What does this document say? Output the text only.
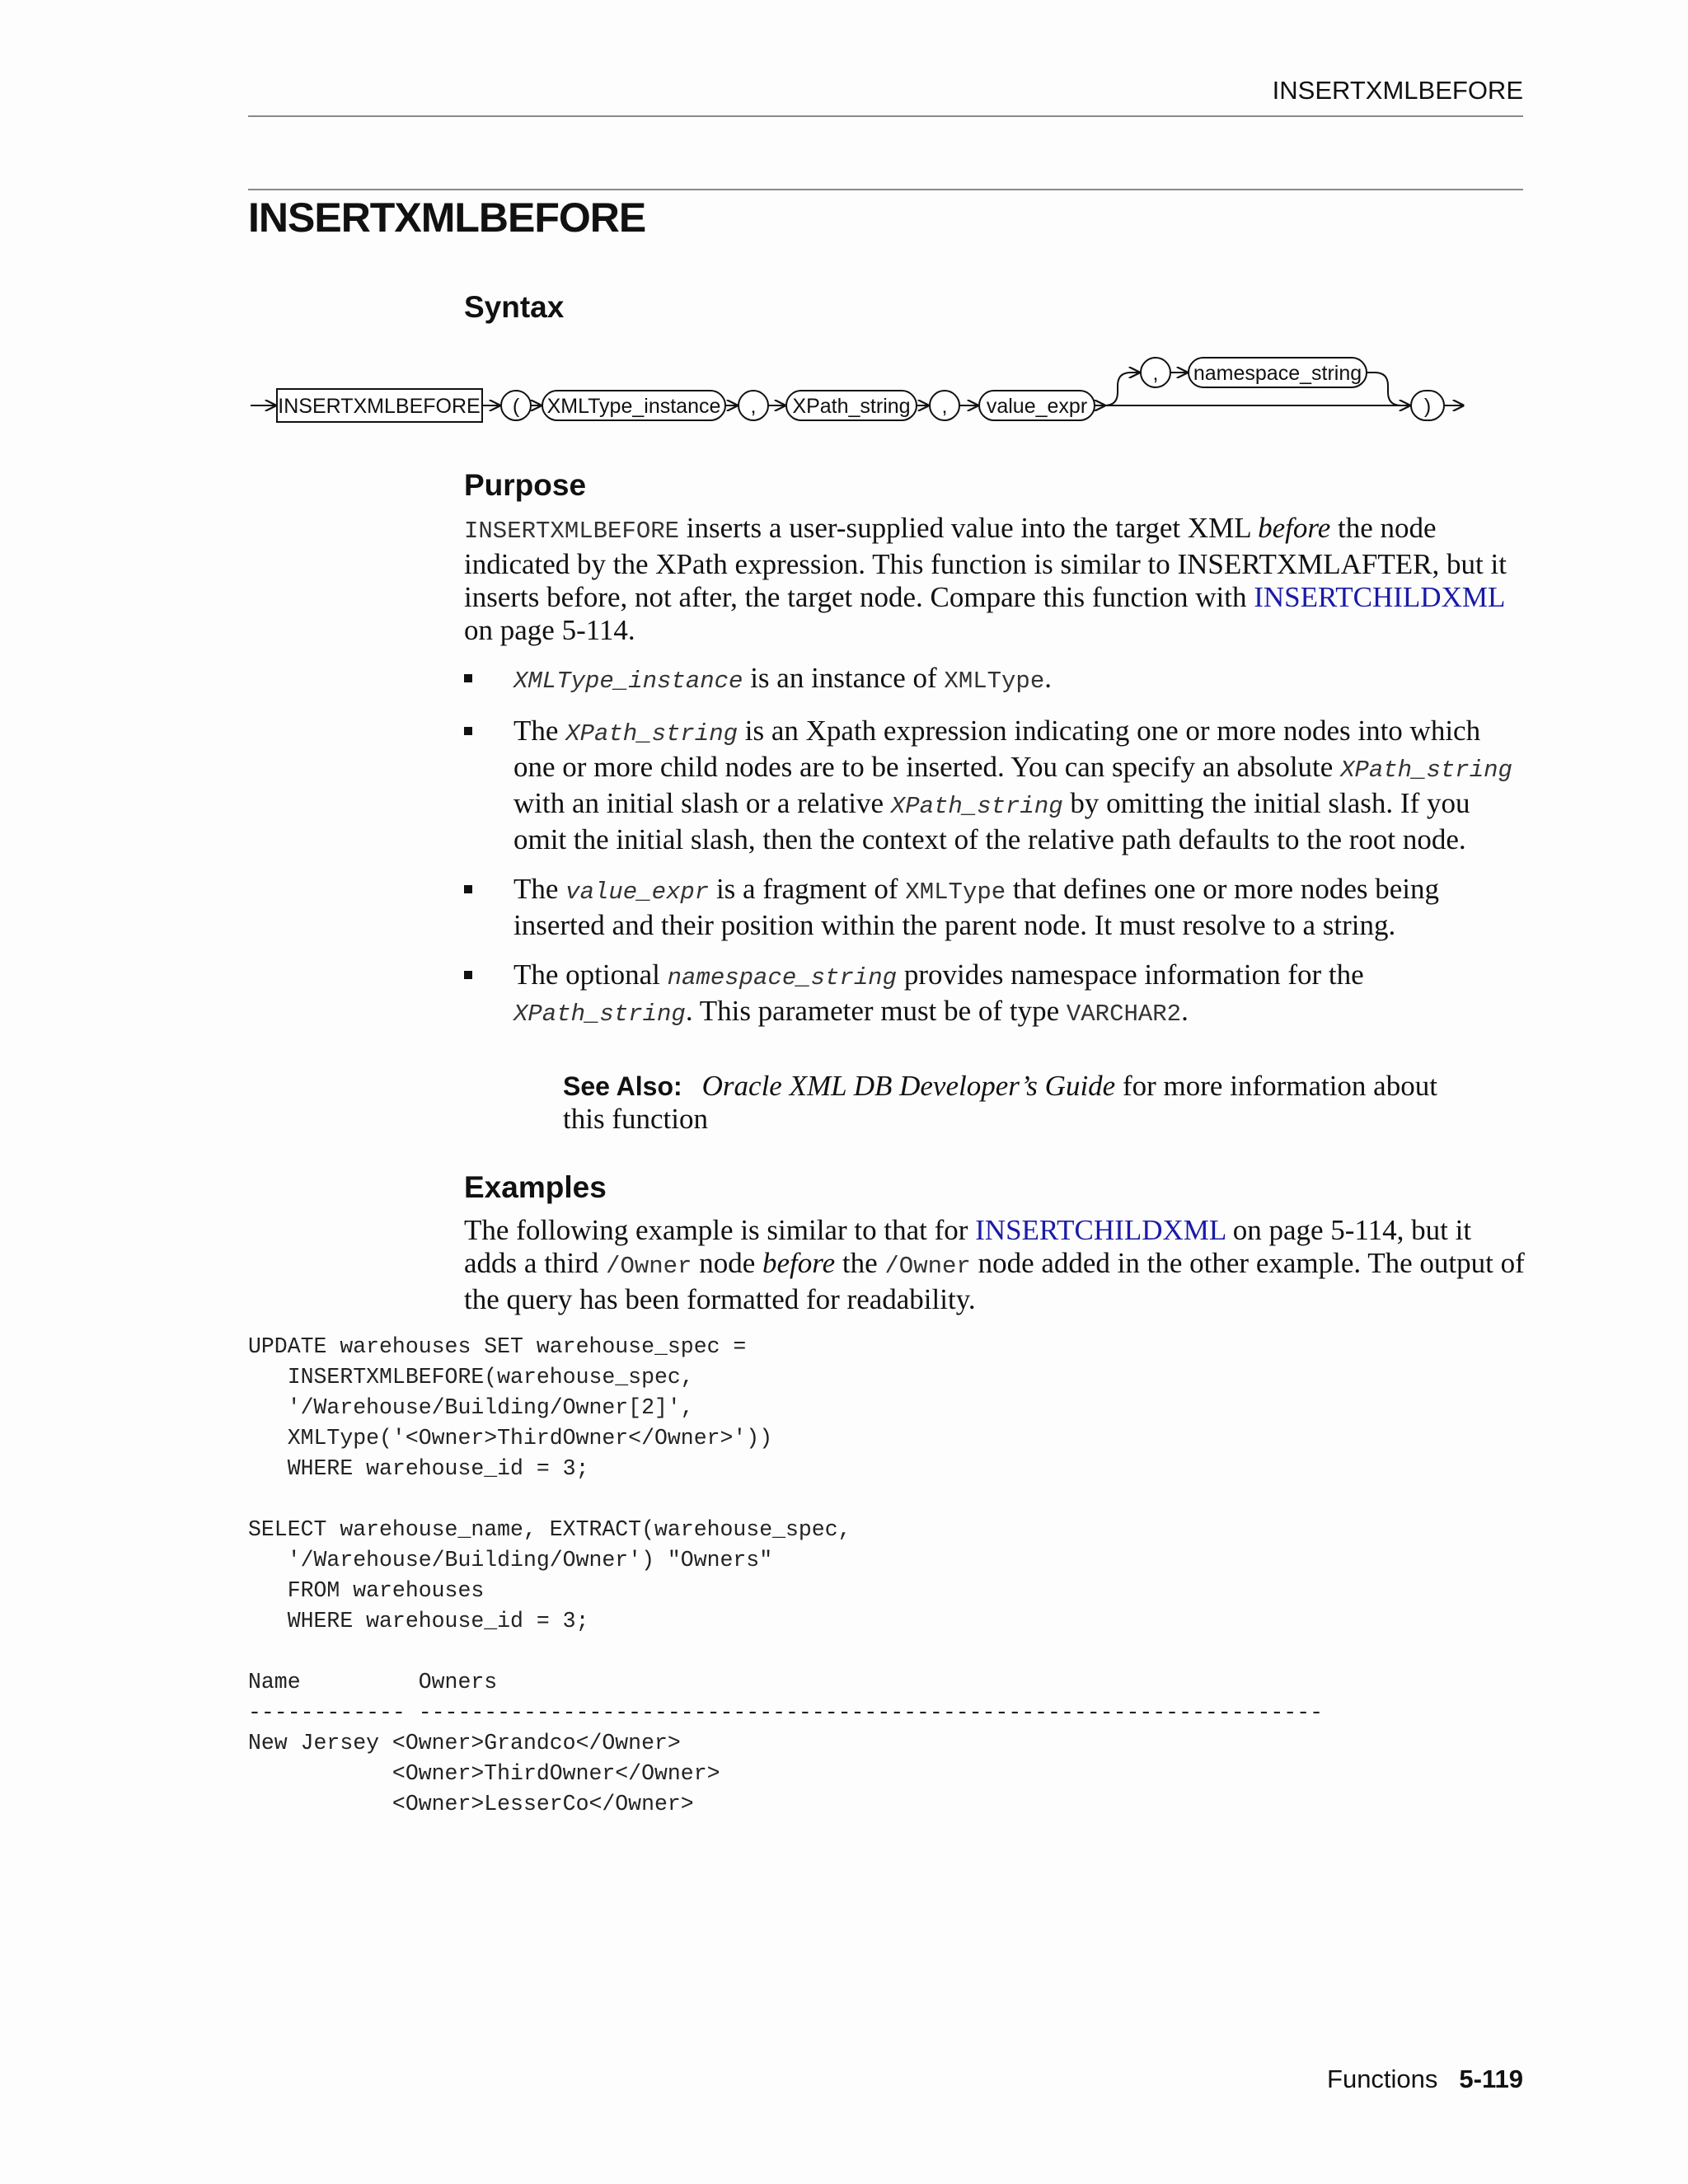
INSERTXMLBEFORE
INSERTXMLBEFORE
Syntax
INSERTXMLBEFORE ( XMLType_instance , XPath_string , value_expr
, namespace_string
)
Purpose

INSERTXMLBEFORE inserts a user-supplied value into the target XML before the node indicated by the XPath expression. This function is similar to INSERTXMLAFTER, but it inserts before, not after, the target node. Compare this function with INSERTCHILDXML on page 5-114.

XMLType_instance is an instance of XMLType.
The XPath_string is an Xpath expression indicating one or more nodes into which one or more child nodes are to be inserted. You can specify an absolute XPath_string with an initial slash or a relative XPath_string by omitting the initial slash. If you omit the initial slash, then the context of the relative path defaults to the root node.
The value_expr is a fragment of XMLType that defines one or more nodes being inserted and their position within the parent node. It must resolve to a string.
The optional namespace_string provides namespace information for the XPath_string. This parameter must be of type VARCHAR2.
See Also: Oracle XML DB Developer’s Guide for more information about this function
Examples

The following example is similar to that for INSERTCHILDXML on page 5-114, but it adds a third /Owner node before the /Owner node added in the other example. The output of the query has been formatted for readability.

UPDATE warehouses SET warehouse_spec =
INSERTXMLBEFORE(warehouse_spec,
'/Warehouse/Building/Owner[2]',
XMLType('<Owner>ThirdOwner</Owner>'))
WHERE warehouse_id = 3;

SELECT warehouse_name, EXTRACT(warehouse_spec,
'/Warehouse/Building/Owner') "Owners"
FROM warehouses
WHERE warehouse_id = 3;

Name         Owners
------------ ---------------------------------------------------------------------
New Jersey <Owner>Grandco</Owner>
<Owner>ThirdOwner</Owner>
<Owner>LesserCo</Owner>
Functions 5-119
